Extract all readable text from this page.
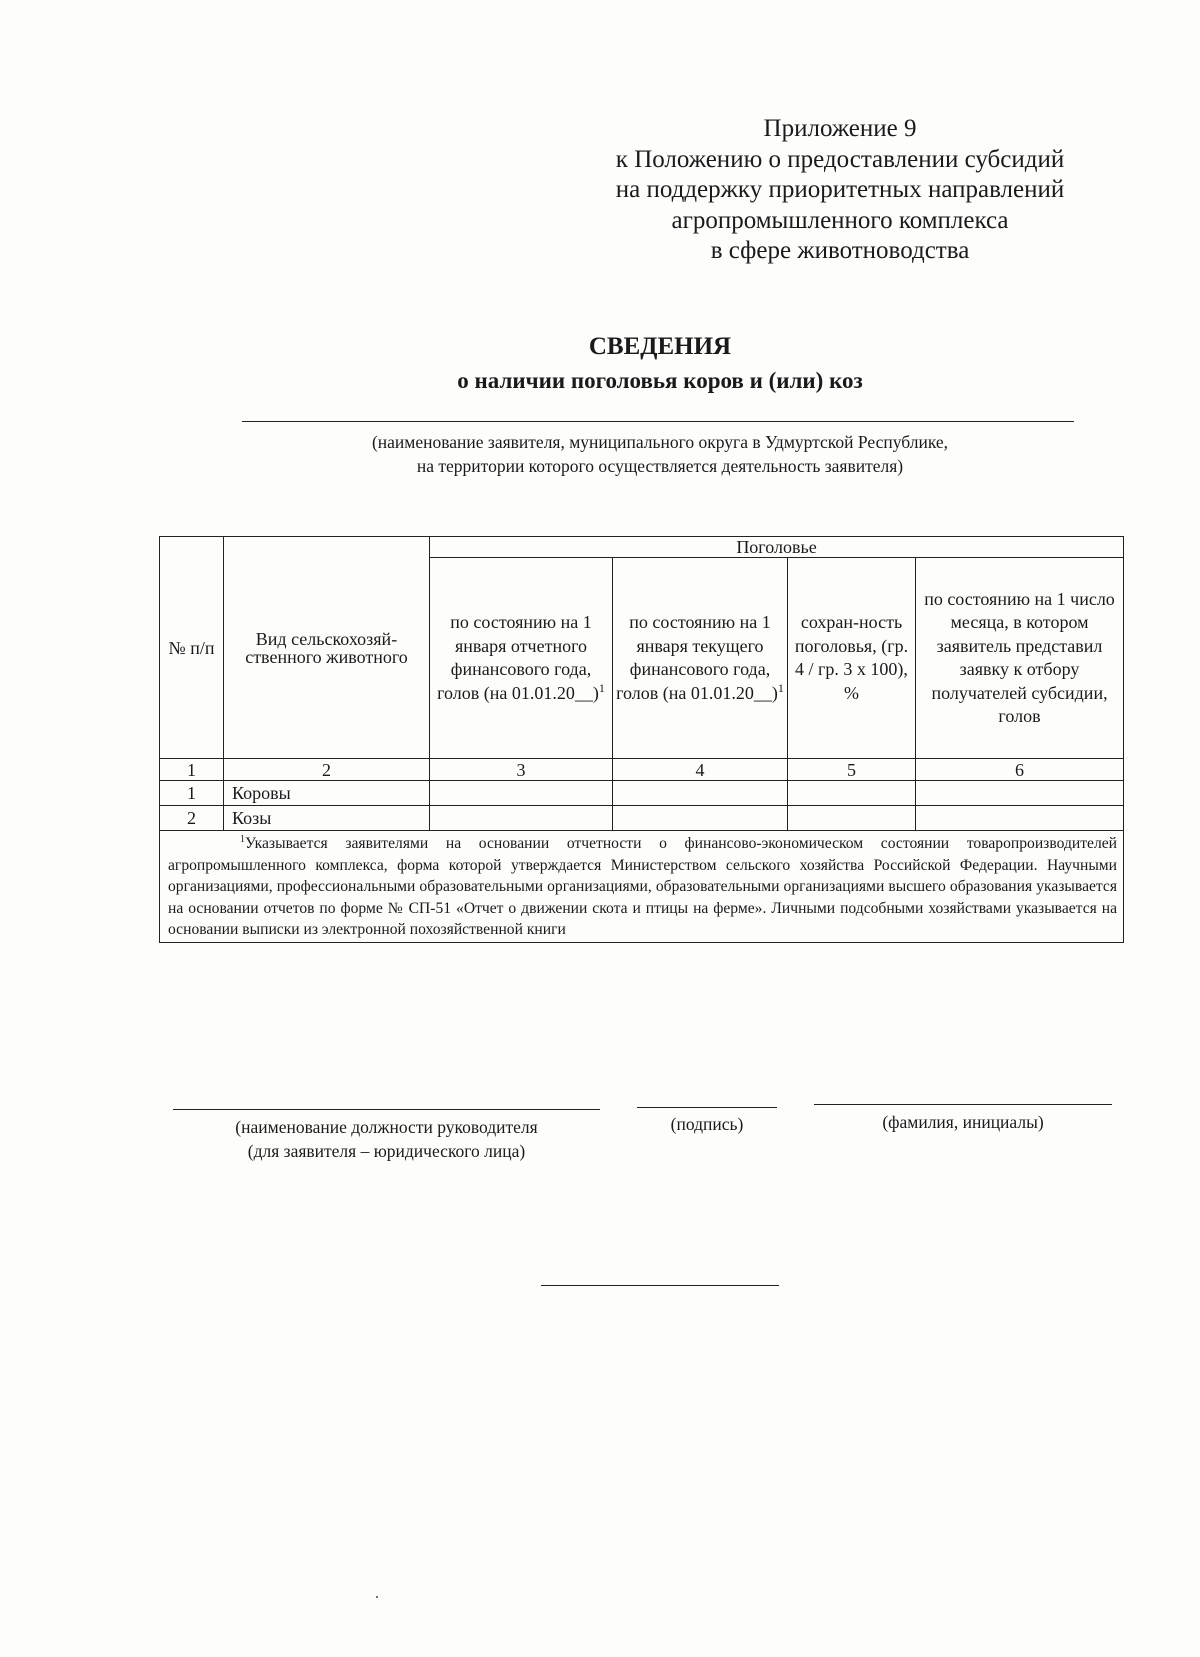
Приложение 9
к Положению о предоставлении субсидий
на поддержку приоритетных направлений
агропромышленного комплекса
в сфере животноводства
СВЕДЕНИЯ
о наличии поголовья коров и (или) коз
(наименование заявителя, муниципального округа в Удмуртской Республике,
на территории которого осуществляется деятельность заявителя)
№ п/п	Вид сельскохозяй-ственного животного	Поголовье			
		по состоянию на 1 января отчетного финансового года, голов (на 01.01.20__)$^1$	по состоянию на 1 января текущего финансового года, голов (на 01.01.20__)$^1$	сохран-ность поголовья, (гр. 4 / гр. 3 х 100), %	по состоянию на 1 число месяца, в котором заявитель представил заявку к отбору получателей субсидии, голов
1	2	3	4	5	6
1	Коровы				
2	Козы				
$^1$Указывается заявителями на основании отчетности о финансово-экономическом состоянии товаропроизводителей агропромышленного комплекса, форма которой утверждается Министерством сельского хозяйства Российской Федерации. Научными организациями, профессиональными образовательными организациями, образовательными организациями высшего образования указывается на основании отчетов по форме № СП-51 «Отчет о движении скота и птицы на ферме». Личными подсобными хозяйствами указывается на основании выписки из электронной похозяйственной книги					
(наименование должности руководителя
(для заявителя – юридического лица)
(подпись)	(фамилия, инициалы)
